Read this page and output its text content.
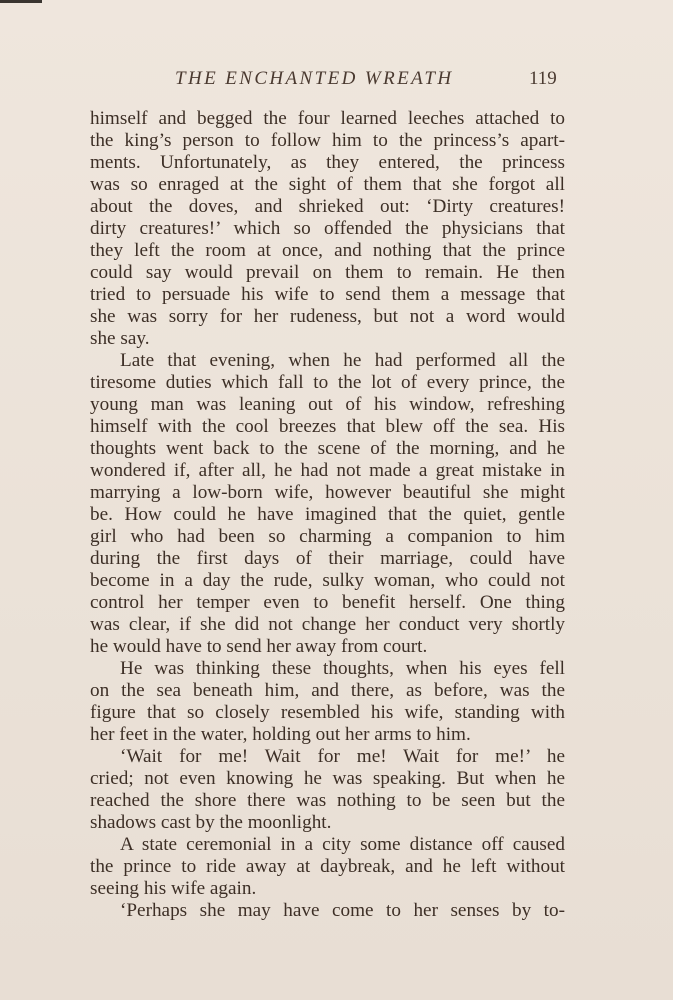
THE ENCHANTED WREATH	119
himself and begged the four learned leeches attached to
the king’s person to follow him to the princess’s apart-
ments. Unfortunately, as they entered, the princess
was so enraged at the sight of them that she forgot all
about the doves, and shrieked out: ‘Dirty creatures!
dirty creatures!’ which so offended the physicians that
they left the room at once, and nothing that the prince
could say would prevail on them to remain. He then
tried to persuade his wife to send them a message that
she was sorry for her rudeness, but not a word would
she say.
Late that evening, when he had performed all the
tiresome duties which fall to the lot of every prince, the
young man was leaning out of his window, refreshing
himself with the cool breezes that blew off the sea. His
thoughts went back to the scene of the morning, and he
wondered if, after all, he had not made a great mistake in
marrying a low-born wife, however beautiful she might
be. How could he have imagined that the quiet, gentle
girl who had been so charming a companion to him
during the first days of their marriage, could have
become in a day the rude, sulky woman, who could not
control her temper even to benefit herself. One thing
was clear, if she did not change her conduct very shortly
he would have to send her away from court.
He was thinking these thoughts, when his eyes fell
on the sea beneath him, and there, as before, was the
figure that so closely resembled his wife, standing with
her feet in the water, holding out her arms to him.
‘Wait for me! Wait for me! Wait for me!’ he
cried; not even knowing he was speaking. But when he
reached the shore there was nothing to be seen but the
shadows cast by the moonlight.
A state ceremonial in a city some distance off caused
the prince to ride away at daybreak, and he left without
seeing his wife again.
‘Perhaps she may have come to her senses by to-
